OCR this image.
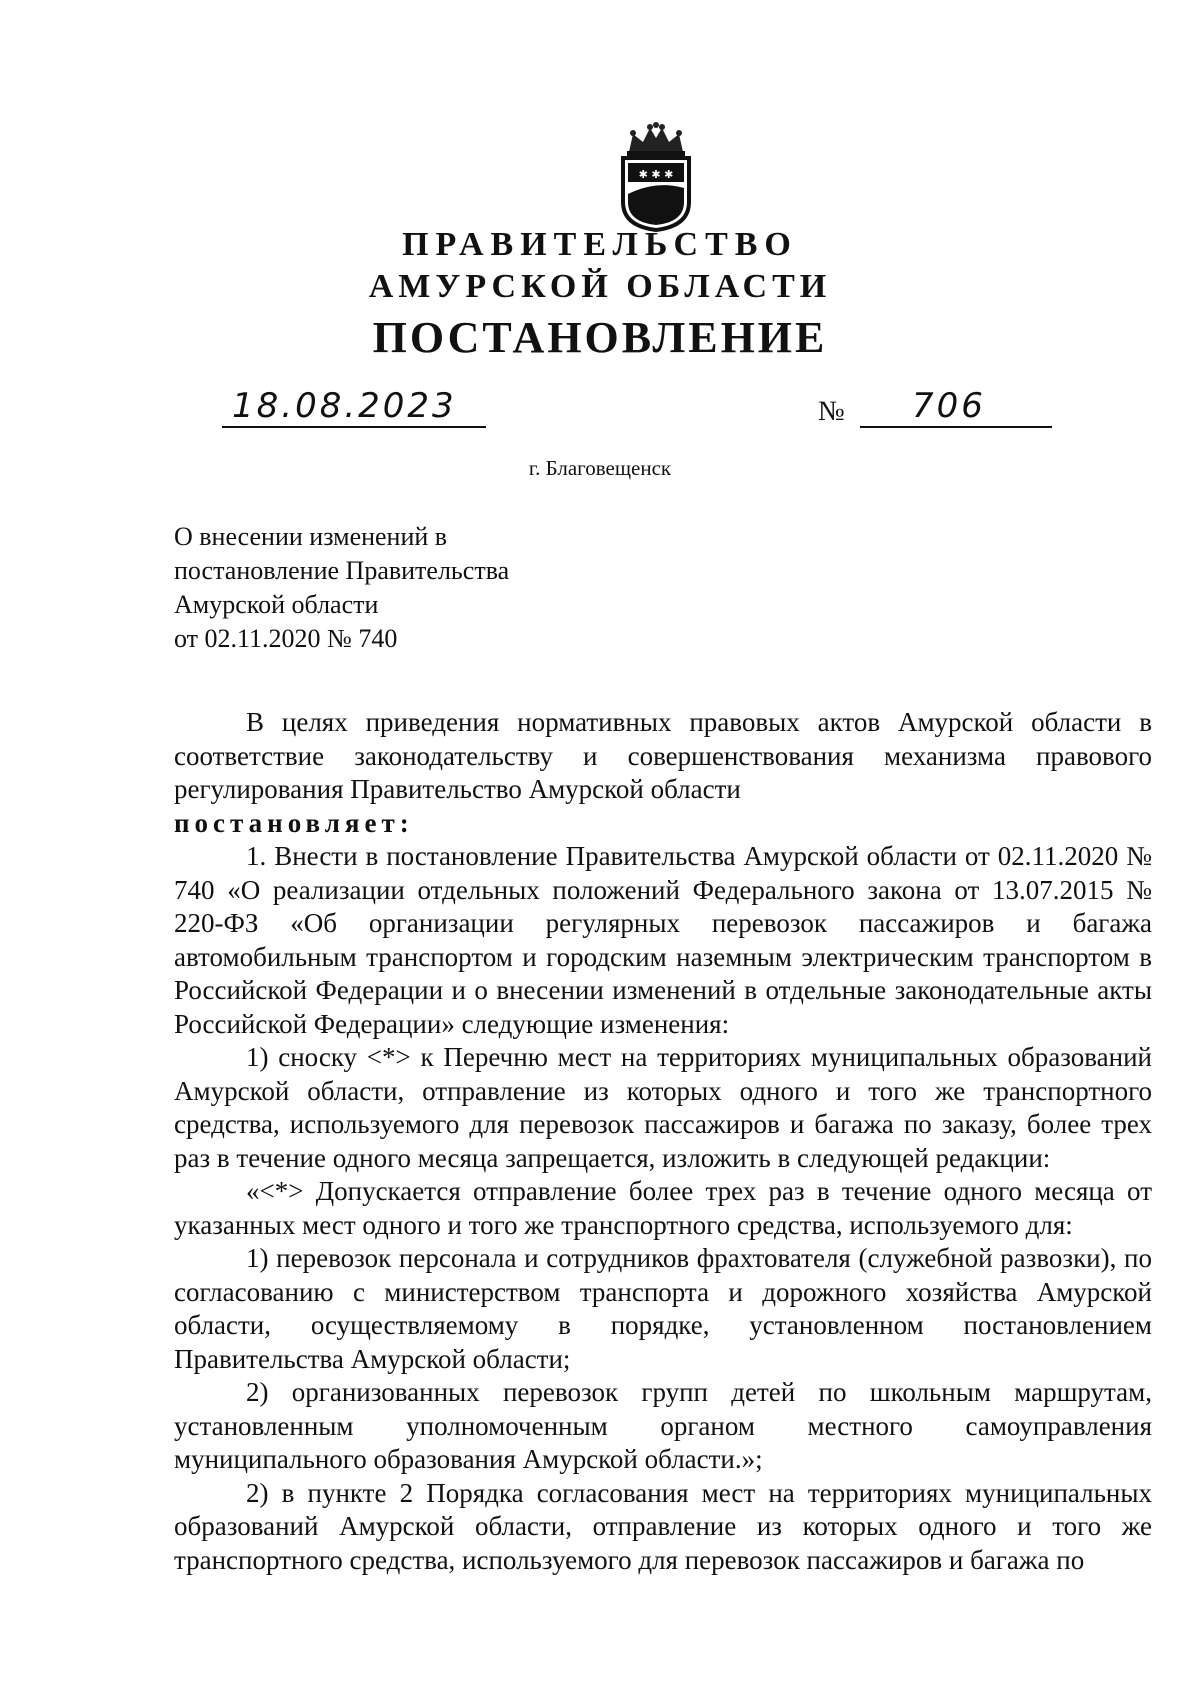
✱ ✱ ✱
ПРАВИТЕЛЬСТВО
АМУРСКОЙ ОБЛАСТИ
ПОСТАНОВЛЕНИЕ
18.08.2023	№ 706
г. Благовещенск
О внесении изменений в
постановление Правительства
Амурской области
от 02.11.2020 № 740

В целях приведения нормативных правовых актов Амурской области в соответствие законодательству и совершенствования механизма правового регулирования Правительство Амурской области

постановляет:

1. Внести в постановление Правительства Амурской области от 02.11.2020 № 740 «О реализации отдельных положений Федерального закона от 13.07.2015 № 220-ФЗ «Об организации регулярных перевозок пассажиров и багажа автомобильным транспортом и городским наземным электрическим транспортом в Российской Федерации и о внесении изменений в отдельные законодательные акты Российской Федерации» следующие изменения:

1) сноску <*> к Перечню мест на территориях муниципальных образований Амурской области, отправление из которых одного и того же транспортного средства, используемого для перевозок пассажиров и багажа по заказу, более трех раз в течение одного месяца запрещается, изложить в следующей редакции:

«<*> Допускается отправление более трех раз в течение одного месяца от указанных мест одного и того же транспортного средства, используемого для:

1) перевозок персонала и сотрудников фрахтователя (служебной развозки), по согласованию с министерством транспорта и дорожного хозяйства Амурской области, осуществляемому в порядке, установленном постановлением Правительства Амурской области;

2) организованных перевозок групп детей по школьным маршрутам, установленным уполномоченным органом местного самоуправления муниципального образования Амурской области.»;

2) в пункте 2 Порядка согласования мест на территориях муниципальных образований Амурской области, отправление из которых одного и того же транспортного средства, используемого для перевозок пассажиров и багажа по
